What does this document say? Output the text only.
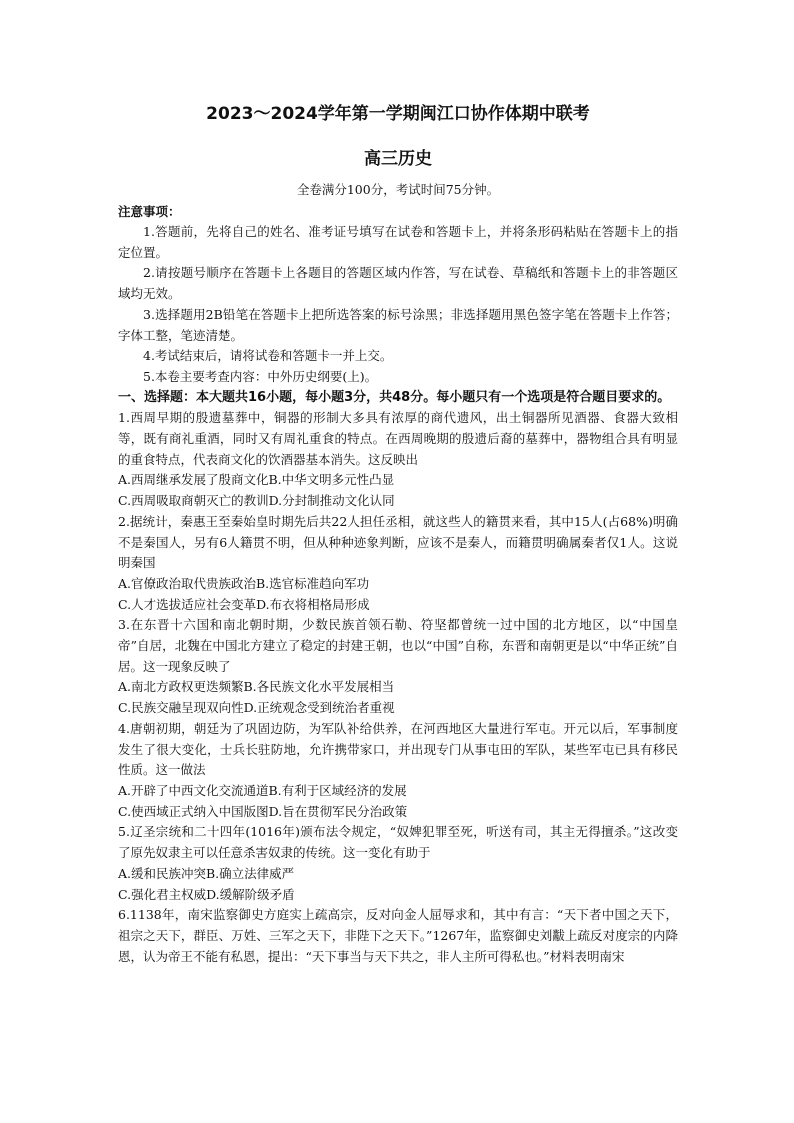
2023～2024学年第一学期闽江口协作体期中联考
高三历史
全卷满分100分，考试时间75分钟。
注意事项：

1.答题前，先将自己的姓名、准考证号填写在试卷和答题卡上，并将条形码粘贴在答题卡上的指定位置。

2.请按题号顺序在答题卡上各题目的答题区域内作答，写在试卷、草稿纸和答题卡上的非答题区域均无效。

3.选择题用2B铅笔在答题卡上把所选答案的标号涂黑；非选择题用黑色签字笔在答题卡上作答；字体工整，笔迹清楚。

4.考试结束后，请将试卷和答题卡一并上交。

5.本卷主要考查内容：中外历史纲要(上)。

一、选择题：本大题共16小题，每小题3分，共48分。每小题只有一个选项是符合题目要求的。

1.西周早期的殷遗墓葬中，铜器的形制大多具有浓厚的商代遗风，出土铜器所见酒器、食器大致相等，既有商礼重酒，同时又有周礼重食的特点。在西周晚期的殷遗后裔的墓葬中，器物组合具有明显的重食特点，代表商文化的饮酒器基本消失。这反映出

A.西周继承发展了殷商文化B.中华文明多元性凸显

C.西周吸取商朝灭亡的教训D.分封制推动文化认同

2.据统计，秦惠王至秦始皇时期先后共22人担任丞相，就这些人的籍贯来看，其中15人(占68%)明确不是秦国人，另有6人籍贯不明，但从种种迹象判断，应该不是秦人，而籍贯明确属秦者仅1人。这说明秦国

A.官僚政治取代贵族政治B.选官标准趋向军功

C.人才选拔适应社会变革D.布衣将相格局形成

3.在东晋十六国和南北朝时期，少数民族首领石勒、符坚都曾统一过中国的北方地区，以“中国皇帝”自居，北魏在中国北方建立了稳定的封建王朝，也以“中国”自称，东晋和南朝更是以“中华正统”自居。这一现象反映了

A.南北方政权更迭频繁B.各民族文化水平发展相当

C.民族交融呈现双向性D.正统观念受到统治者重视

4.唐朝初期，朝廷为了巩固边防，为军队补给供养，在河西地区大量进行军屯。开元以后，军事制度发生了很大变化，士兵长驻防地，允许携带家口，并出现专门从事屯田的军队，某些军屯已具有移民性质。这一做法

A.开辟了中西文化交流通道B.有利于区域经济的发展

C.使西域正式纳入中国版图D.旨在贯彻军民分治政策

5.辽圣宗统和二十四年(1016年)颁布法令规定，“奴婢犯罪至死，听送有司，其主无得擅杀。”这改变了原先奴隶主可以任意杀害奴隶的传统。这一变化有助于

A.缓和民族冲突B.确立法律威严

C.强化君主权威D.缓解阶级矛盾

6.1138年，南宋监察御史方庭实上疏高宗，反对向金人屈辱求和，其中有言：“天下者中国之天下，祖宗之天下，群臣、万姓、三军之天下，非陛下之天下。”1267年，监察御史刘黻上疏反对度宗的内降恩，认为帝王不能有私恩，提出：“天下事当与天下共之，非人主所可得私也。”材料表明南宋
